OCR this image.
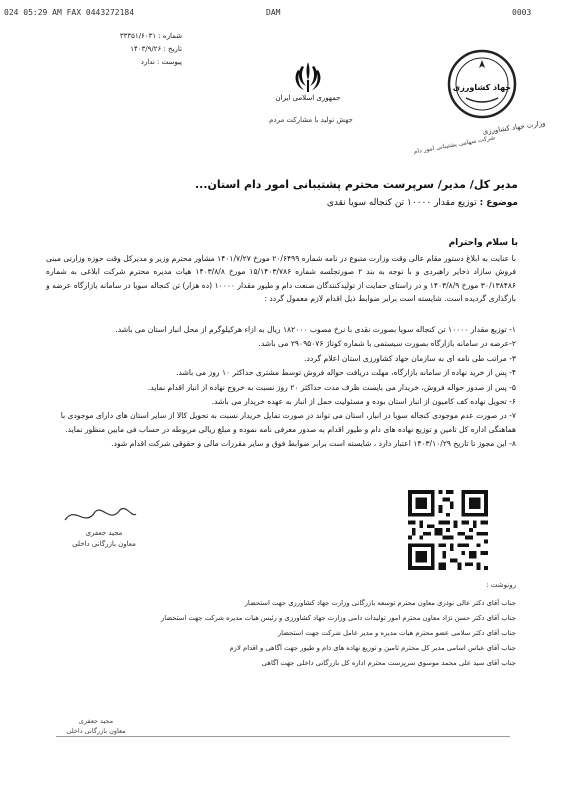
024 05:29 AM FAX 0443272184	DAM	0003
شماره : ۳۳۳۵۱/۶۰۳۱
تاریخ : ۱۴۰۳/۹/۲۶
پیوست : ندارد
جمهوری اسلامی ایران
جهش تولید با مشارکت مردم
جهاد کشاورزی
وزارت جهاد کشاورزی
شرکت سهامی پشتیبانی امور دام
مدیر کل/ مدیر/ سرپرست محترم پشتیبانی امور دام استان...
موضوع : توزیع مقدار ۱۰۰۰۰ تن کنجاله سویا نقدی
با سلام واحترام

با عنایت به ابلاغ دستور مقام عالی وقت وزارت متبوع در نامه شماره ۲۰/۶۴۹۹ مورخ ۱۴۰۱/۷/۲۷ مشاور محترم وزیر و مدیرکل وقت حوزه وزارتی مبنی فروش سازاد ذخایر راهبردی و با توجه به بند ۲ صورتجلسه شماره ۱۵/۱۴۰۳/۷۸۶ مورخ ۱۴۰۳/۸/۸ هیات مدیره محترم شرکت ابلاغی به شماره ۳۰/۱۳۸۴۸۶ مورخ ۱۴۰۳/۸/۹ و در راستای حمایت از تولیدکنندگان صنعت دام و طیور مقدار ۱۰۰۰۰ (ده هزار) تن کنجاله سویا در سامانه بازارگاه عرضه و بارگذاری گردیده است. شایسته است برابر ضوابط ذیل اقدام لازم معمول گردد :

۱- توزیع مقدار ۱۰۰۰۰ تن کنجاله سویا بصورت نقدی با نرخ مصوب ۱۸۲۰۰۰ ریال به ازاء هرکیلوگرم از محل انبار استان می باشد.

۲-عرضه در سامانه بازارگاه بصورت سیستمی با شماره کوتاژ ۲۹۰۹۵۰۷۶ می باشد.

۳- مراتب طی نامه ای به سازمان جهاد کشاورزی استان اعلام گردد.

۴- پس از خرید نهاده از سامانه بازارگاه، مهلت دریافت حواله فروش توسط مشتری حداکثر ۱۰ روز می باشد.

۵- پس از صدور حواله فروش، خریدار می بایست ظرف مدت حداکثر ۲۰ روز نسبت به خروج نهاده از انبار اقدام نماید.

۶- تحویل نهاده کف کامیون از انبار استان بوده و مسئولیت حمل از انبار به عهده خریدار می باشد.

۷- در صورت عدم موجودی کنجاله سویا در انبار، استان می تواند در صورت تمایل خریدار نسبت به تحویل کالا از سایر استان های دارای موجودی با هماهنگی اداره کل تامین و توزیع نهاده های دام و طیور اقدام به صدور معرفی نامه نموده و مبلغ ریالی مربوطه در حساب فی مابین منظور نماید.

۸- این مجوز تا تاریخ ۱۴۰۳/۱۰/۲۹ اعتبار دارد ، شایسته است برابر ضوابط فوق و سایر مقررات مالی و حقوقی شرکت اقدام شود.

مجید جعفری
معاون بازرگانی داخلی
رونوشت :
جناب آقای دکتر عالی نوذری معاون محترم توسعه بازرگانی وزارت جهاد کشاورزی جهت استحضار
جناب آقای دکتر حسن نژاد معاون محترم امور تولیدات دامی وزارت جهاد کشاورزی و رئیس هیات مدیره شرکت جهت استحضار
جناب آقای دکتر سلامی عضو محترم هیات مدیره و مدیر عامل شرکت جهت استحضار
جناب آقای عباس اسامی مدیر کل محترم تامین و توزیع نهاده های دام و طیور جهت آگاهی و اقدام لازم
جناب آقای سید علی محمد موسوی سرپرست محترم اداره کل بازرگانی داخلی جهت آگاهی
مجید جعفری
معاون بازرگانی داخلی
